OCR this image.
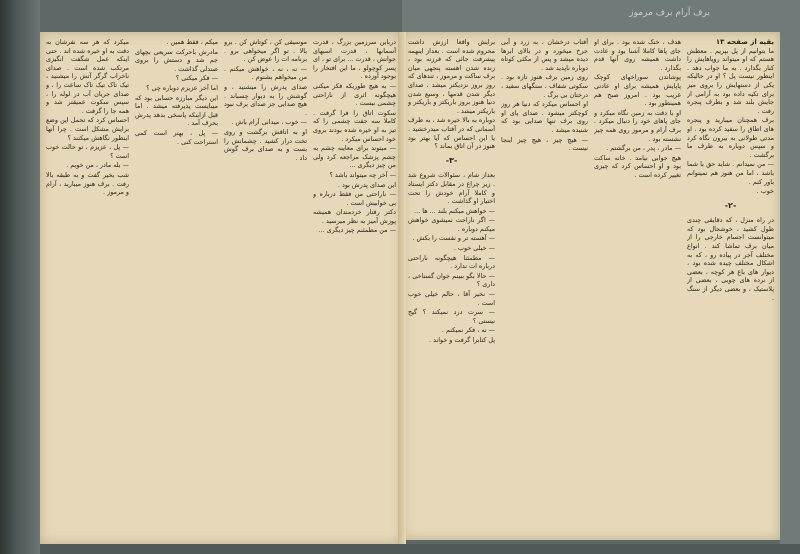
برف آرام برف مرموز

درباین سرزمین بزرگ ، قدرت آسمانها ، قدرت اسبهای جوانش ، قدرت ... برای تو ، ای پسر کوچولو ، ما این افتخار را بوجود آورده .

— به هیچ طوریکه فکر میکنی هیچگونه اثری از ناراحتی چشمی نیست .

سکوت اتاق را فرا گرفت . کاملا سه جفت چشمی را که تیز به او خیره شده بودند بروی خود احساس میکرد .

— میتوند برای معاینه چشم به چشم پزشک مراجعه کرد ولی من چیز دیگری ...

— آخر چه میتواند باشد ؟

این صدای پدرش بود .

— ناراحتی من فقط درباره و بی خوابیش است .

دکتر رفتار خردمندان همیشه پوزش آمیز به نظر میرسید .

— من مطمئنم چیز دیگری ...

موسیقی کن ، کوتاش کن . برو بالا . تو اگر میخواهی برو . برنامه ات را عوض کن .

— نه ، نه ، خواهش میکنم . من میخواهم بشنوم .

صدای پدرش را میشنید ، و گوشش را به دیوار چسباند . هیچ صدایی جز صدای برف نبود .

— خوب ، میدانی آرام باش .

او به اتاقش برگشت و روی تخت دراز کشید . چشمانش را بست و به صدای برف گوش داد .

میکم ، فقط همین .

مادرش باحرکت سریعی بچهای جم شد و دستش را بروی صندلی گذاشت .

— فکر میکنی ؟

اما آخر عزیزم دوباره چی ؟

این دیگر مبارزه حسابی بود که میبایست پذیرفته میشد . اما قبل ازاینکه پاسخی بدهد پدرش بحرف آمد .

— پل ، بهتر است کمی استراحت کنی .

میکرد که هر سه نفرشان به دقت به او خیره شده اند . حتی اینکه عمل شگفت انگیزی مرتکب شده است . صدای ناخراب گرگر آتش را میشنید ، تیک تاک تیک تاک ساعت را ، و صدای جریان آب در لوله را ، سپس سکوت عمیقتر شد و همه جا را گرفت .

احساس کرد که تحمل این وضع برایش مشکل است . چرا آنها اینطور نگاهش میکنند ؟

— پل ، عزیزم ، تو حالت خوب است ؟

— بله مادر ، من خوبم .

شب بخیر گفت و به طبقه بالا رفت . برف هنوز میبارید ، آرام و مرموز .

بقیه از صفحه ۱۳

ما بتوانیم از پل بپریم . معطش هستم که او میتواند روپاهایش را کنار بگذارد . به ما جواب دهد . اینطور نیست پل ؟ او در حالیکه یکی از دستهایش را بروی میز برای تکیه داده بود به آرامی از جایش بلند شد و بطرف پنجره رفت .

برف همچنان میبارید و پنجره های اطاق را سفید کرده بود . او مدتی طولانی به بیرون نگاه کرد و سپس دوباره به طرف ما برگشت .

— من نمیدانم . شاید حق با شما باشد ، اما من هنوز هم نمیتوانم باور کنم .

خوب .

-۲-

در راه منزل ، که دقایقی چندی طول کشید ، خوشحال بود که میتوانست اجسام خارجی را از میان برف تماشا کند . انواع مختلف آجر در پیاده رو ، که به اشکال مختلف چیده شده بود ، دیوار های باغ هر کوچه ، بعضی از نرده های چوبی ، بعضی از پلاستیک ، و بعضی دیگر از سنگ .

هدف ، خنک شده بود . برای او جای پاها کاملا آشنا بود و عادت داشت همیشه روی آنها قدم بگذارد .

پوشاندن سوراخهای کوچک پاپایش همیشه برای او عادتی غریب بود . امروز صبح هم همینطور بود .

او با دقت به زمین نگاه میکرد و جای پاهای خود را دنبال میکرد . برف آرام و مرموز روی همه چیز نشسته بود .

— مادر ، پدر ، من برگشتم .

هیچ جوابی نیامد . خانه ساکت بود و او احساس کرد که چیزی تغییر کرده است .

آفتاب درخشان ، به زرد و آبی جرخ میخورد و در بالای ابرها دیده میشد و پس از مکثی کوتاه دوباره ناپدید شد .

روی زمین برف هنوز تازه بود . سکوتی شفاف ، سنگهای سفید ، درختان بی برگ .

او احساس میکرد که دنیا هر روز کوچکتر میشود . صدای پای او روی برف تنها صدایی بود که شنیده میشد .

— هیچ چیز ، هیچ چیز اینجا نیست .

برایش واقعا ارزش داشت محروم شده است . بعداز اینهمه پیشرفت جائی که فرزنه بود ، زنده شدن اهسته پنجهی میان برف ساکت و مرموز ، تندهای که روز بروز نزدیکتر میشد ، صدای دیگر شدن قدمها ، وسیع شدن دنیا هنوز بروز باریکتر و باریکتر و باریکتر میشد .

دوباره به بالا خیره شد ، به طرف آسمانی که در آفتاب میدرخشید . یا این احساس که آیا بهتر بود هنوز در آن اتاق بماند ؟

-۳-

بعداز شام ، سئوالات شروع شد . زیر چراغ در مقابل دکتر ایستاد و کاملا آرام خودش را تحت اختیار او گذاشت .

— خواهش میکنم بلند ... ها ...

— اگر ناراحت نمیشوی خواهش میکنم دوباره .

— آهسته تر و نفست را بکش .

— خیلی خوب .

— مطمئنا هیچگونه ناراحتی درباره ات ندارد .

— حالا بگو ببینم جوان گستاخی ، داری ؟

— نخیر آقا ، حالم خیلی خوب است .

— سرت درد نمیکند ؟ گیج نیستی ؟

— نه ، فکر نمیکنم .

پل کتابرا گرفت و خواند .
